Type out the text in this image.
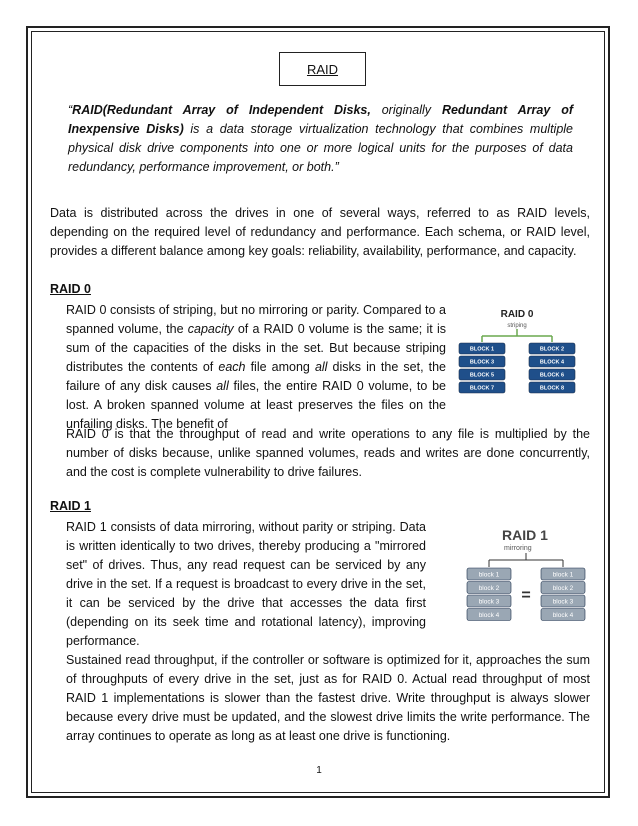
RAID
“RAID(Redundant Array of Independent Disks, originally Redundant Array of Inexpensive Disks) is a data storage virtualization technology that combines multiple physical disk drive components into one or more logical units for the purposes of data redundancy, performance improvement, or both.”
Data is distributed across the drives in one of several ways, referred to as RAID levels, depending on the required level of redundancy and performance. Each schema, or RAID level, provides a different balance among key goals: reliability, availability, performance, and capacity.
RAID 0
RAID 0 consists of striping, but no mirroring or parity. Compared to a spanned volume, the capacity of a RAID 0 volume is the same; it is sum of the capacities of the disks in the set. But because striping distributes the contents of each file among all disks in the set, the failure of any disk causes all files, the entire RAID 0 volume, to be lost. A broken spanned volume at least preserves the files on the unfailing disks. The benefit of
RAID 0 is that the throughput of read and write operations to any file is multiplied by the number of disks because, unlike spanned volumes, reads and writes are done concurrently, and the cost is complete vulnerability to drive failures.
RAID 0
striping
BLOCK 1
BLOCK 3
BLOCK 5
BLOCK 7
BLOCK 2
BLOCK 4
BLOCK 6
BLOCK 8
RAID 1
RAID 1 consists of data mirroring, without parity or striping. Data is written identically to two drives, thereby producing a "mirrored set" of drives. Thus, any read request can be serviced by any drive in the set. If a request is broadcast to every drive in the set, it can be serviced by the drive that accesses the data first (depending on its seek time and rotational latency), improving performance.
Sustained read throughput, if the controller or software is optimized for it, approaches the sum of throughputs of every drive in the set, just as for RAID 0. Actual read throughput of most RAID 1 implementations is slower than the fastest drive. Write throughput is always slower because every drive must be updated, and the slowest drive limits the write performance. The array continues to operate as long as at least one drive is functioning.
RAID 1
mirroring
=
block 1
block 2
block 3
block 4
block 1
block 2
block 3
block 4
1
